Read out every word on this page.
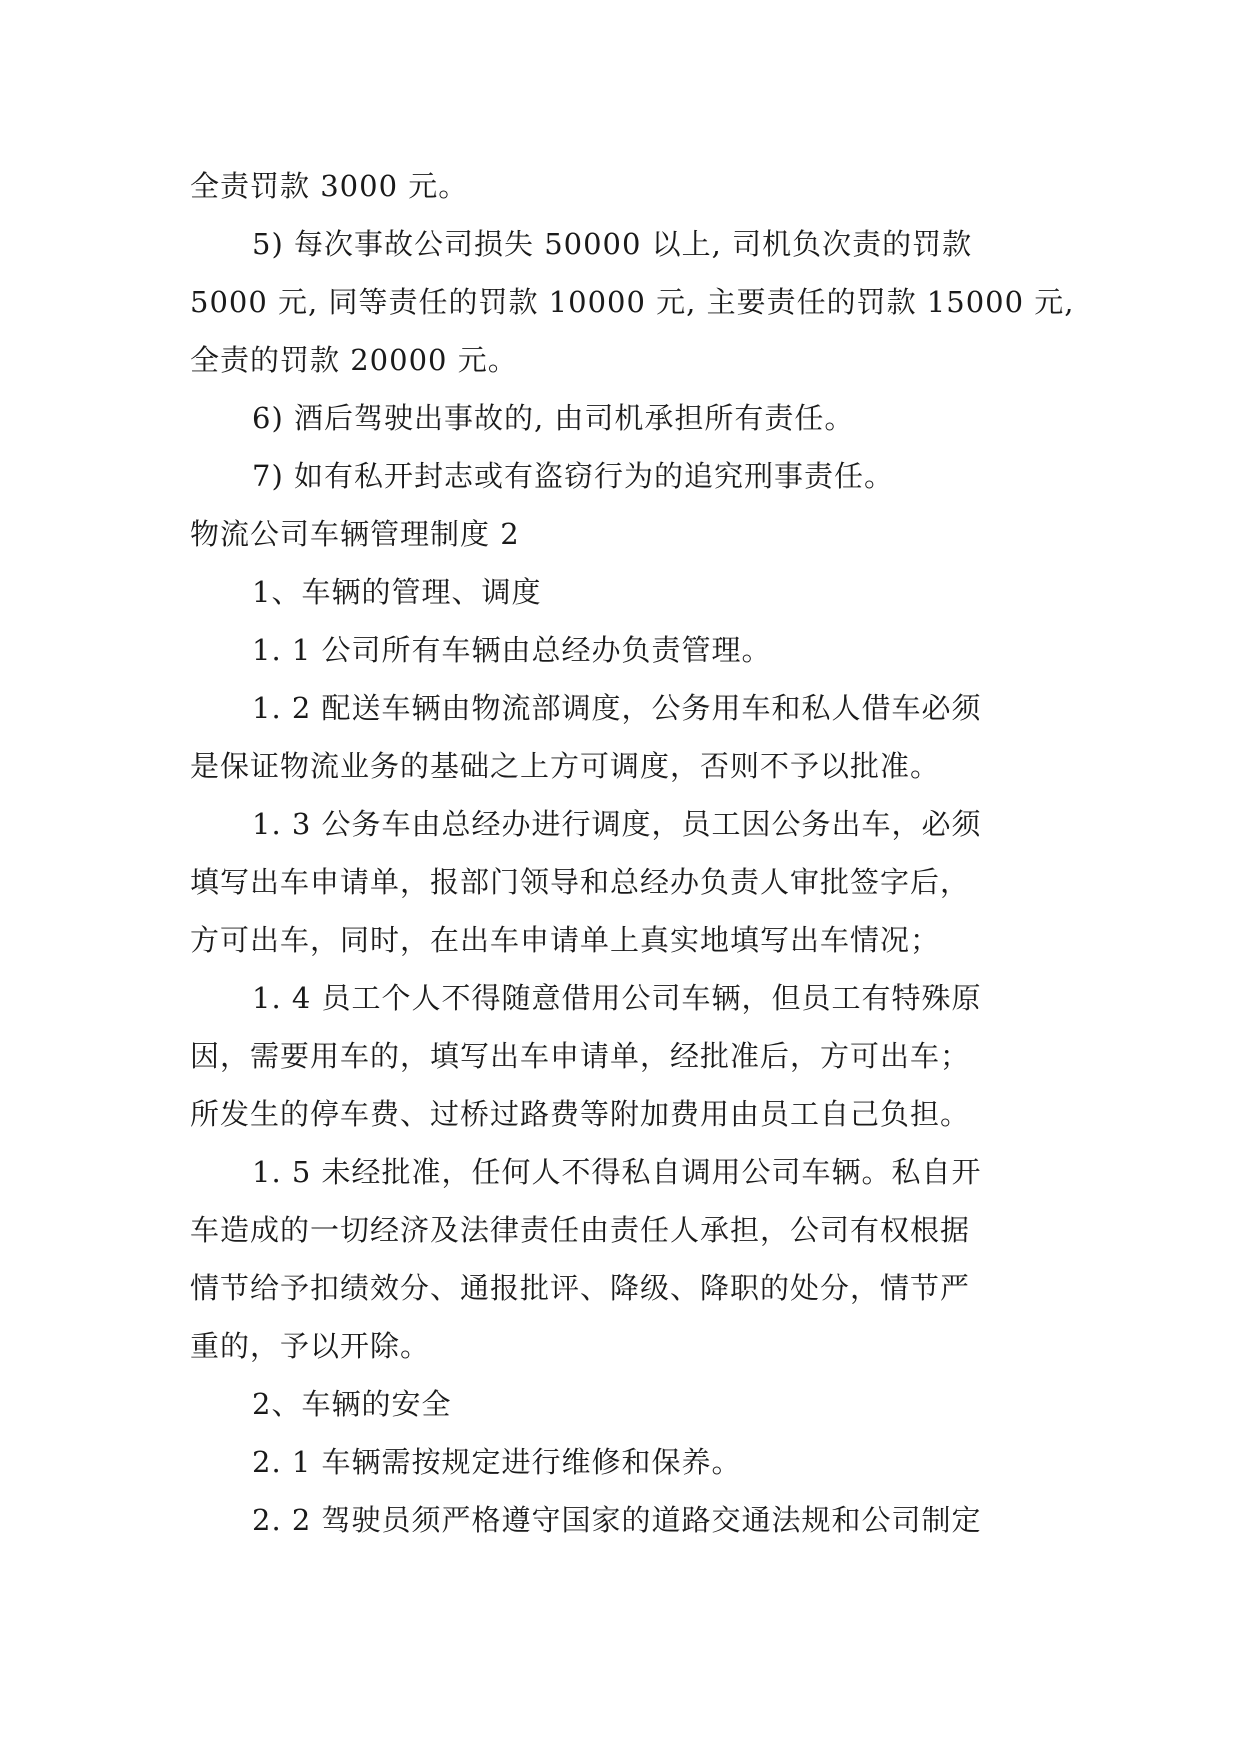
全责罚款 3000 元。
5) 每次事故公司损失 50000 以上, 司机负次责的罚款
5000 元, 同等责任的罚款 10000 元, 主要责任的罚款 15000 元,
全责的罚款 20000 元。
6) 酒后驾驶出事故的, 由司机承担所有责任。
7) 如有私开封志或有盗窃行为的追究刑事责任。
物流公司车辆管理制度 2
1、车辆的管理、调度
1. 1 公司所有车辆由总经办负责管理。
1. 2 配送车辆由物流部调度，公务用车和私人借车必须
是保证物流业务的基础之上方可调度，否则不予以批准。
1. 3 公务车由总经办进行调度，员工因公务出车，必须
填写出车申请单，报部门领导和总经办负责人审批签字后，
方可出车，同时，在出车申请单上真实地填写出车情况；
1. 4 员工个人不得随意借用公司车辆，但员工有特殊原
因，需要用车的，填写出车申请单，经批准后，方可出车；
所发生的停车费、过桥过路费等附加费用由员工自己负担。
1. 5 未经批准，任何人不得私自调用公司车辆。私自开
车造成的一切经济及法律责任由责任人承担，公司有权根据
情节给予扣绩效分、通报批评、降级、降职的处分，情节严
重的，予以开除。
2、车辆的安全
2. 1 车辆需按规定进行维修和保养。
2. 2 驾驶员须严格遵守国家的道路交通法规和公司制定
